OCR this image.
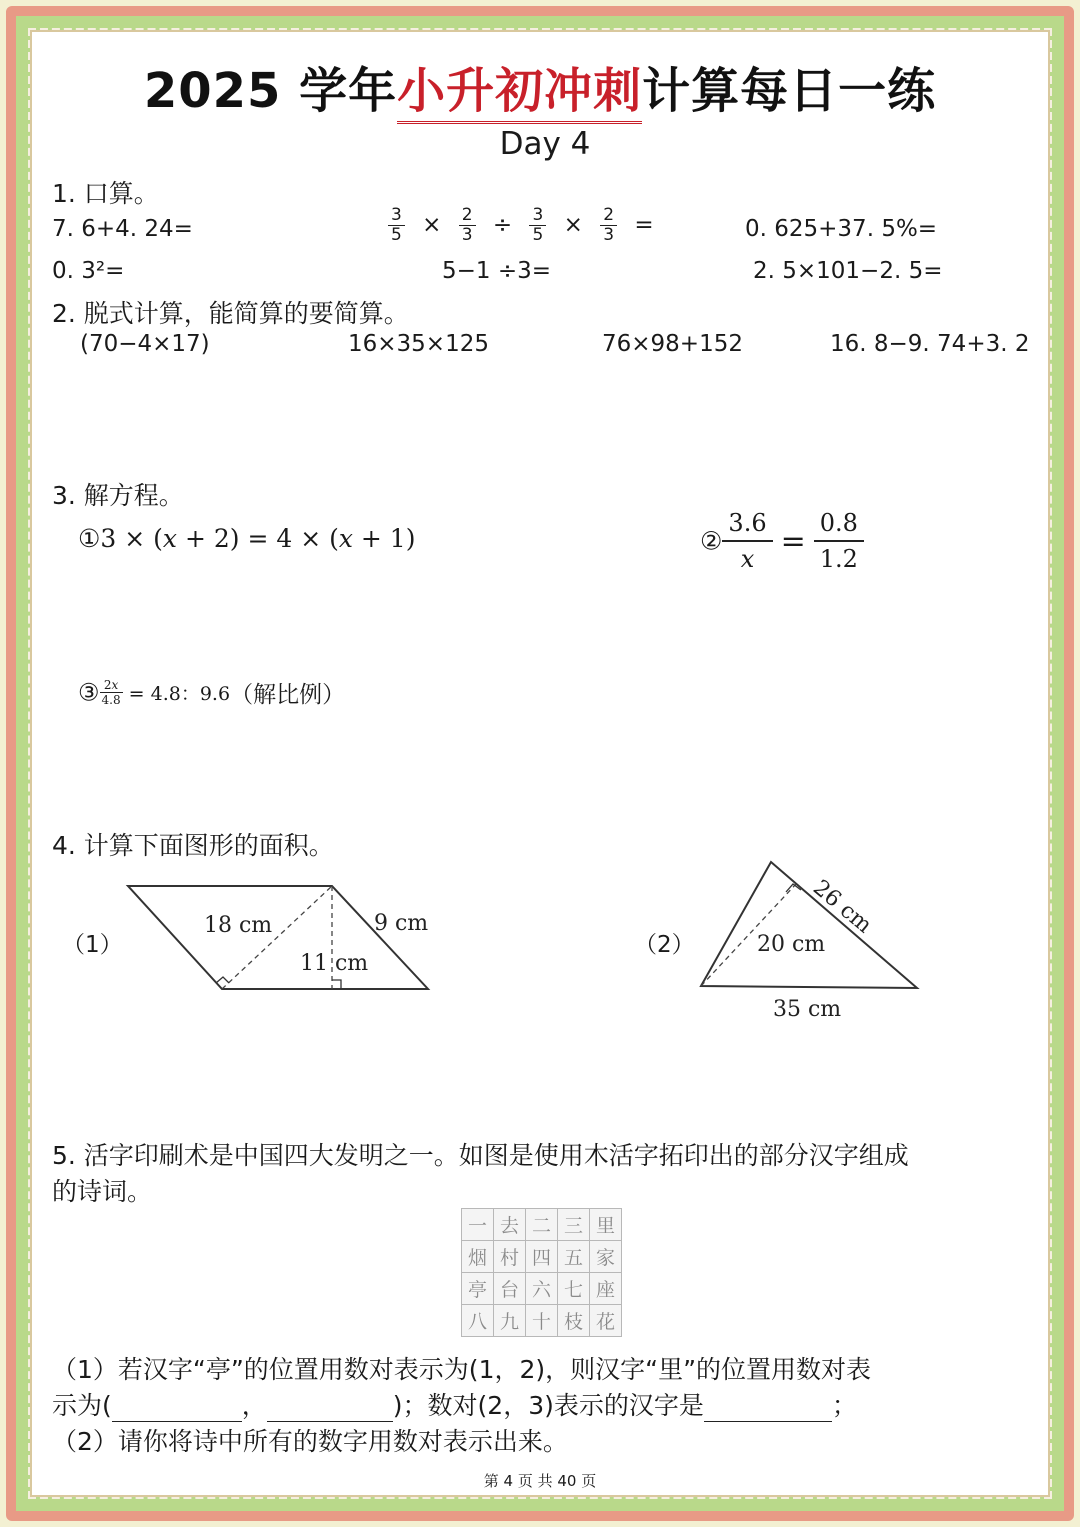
2025 学年小升初冲刺计算每日一练
Day 4
1. 口算。
7. 6+4. 24=	$\frac{3}{5} \times \frac{2}{3} \div \frac{3}{5} \times \frac{2}{3}$ =	0. 625+37. 5%=
0. 3²=	5−1 ÷3=	2. 5×101−2. 5=
2. 脱式计算，能简算的要简算。
(70−4×17)	16×35×125	76×98+152	16. 8−9. 74+3. 2
3. 解方程。
①3 × (𝑥 + 2) = 4 × (𝑥 + 1)	②
3.6
𝑥
= $\frac{0.8}{1.2}$
③ 2𝑥
4.8 = 4.8：9.6（解比例）
4. 计算下面图形的面积。
（1）	（2）
18 cm	9 cm
11 cm
26 cm
20 cm
35 cm
5. 活字印刷术是中国四大发明之一。如图是使用木活字拓印出的部分汉字组成
的诗词。
一	去	二	三	里
烟	村	四	五	家
亭	台	六	七	座
八	九	十	枝	花
（1）若汉字“亭”的位置用数对表示为(1，2)，则汉字“里”的位置用数对表
示为(	，	)；数对(2，3)表示的汉字是	；
（2）请你将诗中所有的数字用数对表示出来。
第 4 页 共 40 页
